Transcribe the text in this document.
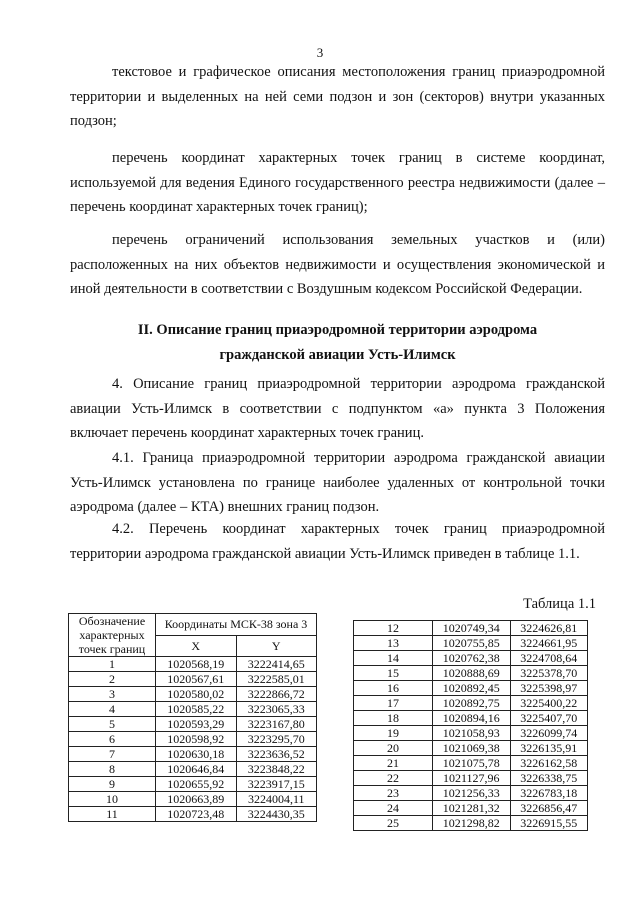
3

текстовое и графическое описания местоположения границ приаэродромной территории и выделенных на ней семи подзон и зон (секторов) внутри указанных подзон;

перечень координат характерных точек границ в системе координат, используемой для ведения Единого государственного реестра недвижимости (далее – перечень координат характерных точек границ);

перечень ограничений использования земельных участков и (или) расположенных на них объектов недвижимости и осуществления экономической и иной деятельности в соответствии с Воздушным кодексом Российской Федерации.

II. Описание границ приаэродромной территории аэродрома
гражданской авиации Усть-Илимск

4. Описание границ приаэродромной территории аэродрома гражданской авиации Усть-Илимск в соответствии с подпунктом «а» пункта 3 Положения включает перечень координат характерных точек границ.

4.1. Граница приаэродромной территории аэродрома гражданской авиации Усть-Илимск установлена по границе наиболее удаленных от контрольной точки аэродрома (далее – КТА) внешних границ подзон.

4.2. Перечень координат характерных точек границ приаэродромной территории аэродрома гражданской авиации Усть-Илимск приведен в таблице 1.1.

Таблица 1.1
Обозначение характерных точек границ	Координаты МСК-38 зона 3	
	X	Y
1	1020568,19	3222414,65
2	1020567,61	3222585,01
3	1020580,02	3222866,72
4	1020585,22	3223065,33
5	1020593,29	3223167,80
6	1020598,92	3223295,70
7	1020630,18	3223636,52
8	1020646,84	3223848,22
9	1020655,92	3223917,15
10	1020663,89	3224004,11
11	1020723,48	3224430,35
12	1020749,34	3224626,81
13	1020755,85	3224661,95
14	1020762,38	3224708,64
15	1020888,69	3225378,70
16	1020892,45	3225398,97
17	1020892,75	3225400,22
18	1020894,16	3225407,70
19	1021058,93	3226099,74
20	1021069,38	3226135,91
21	1021075,78	3226162,58
22	1021127,96	3226338,75
23	1021256,33	3226783,18
24	1021281,32	3226856,47
25	1021298,82	3226915,55
